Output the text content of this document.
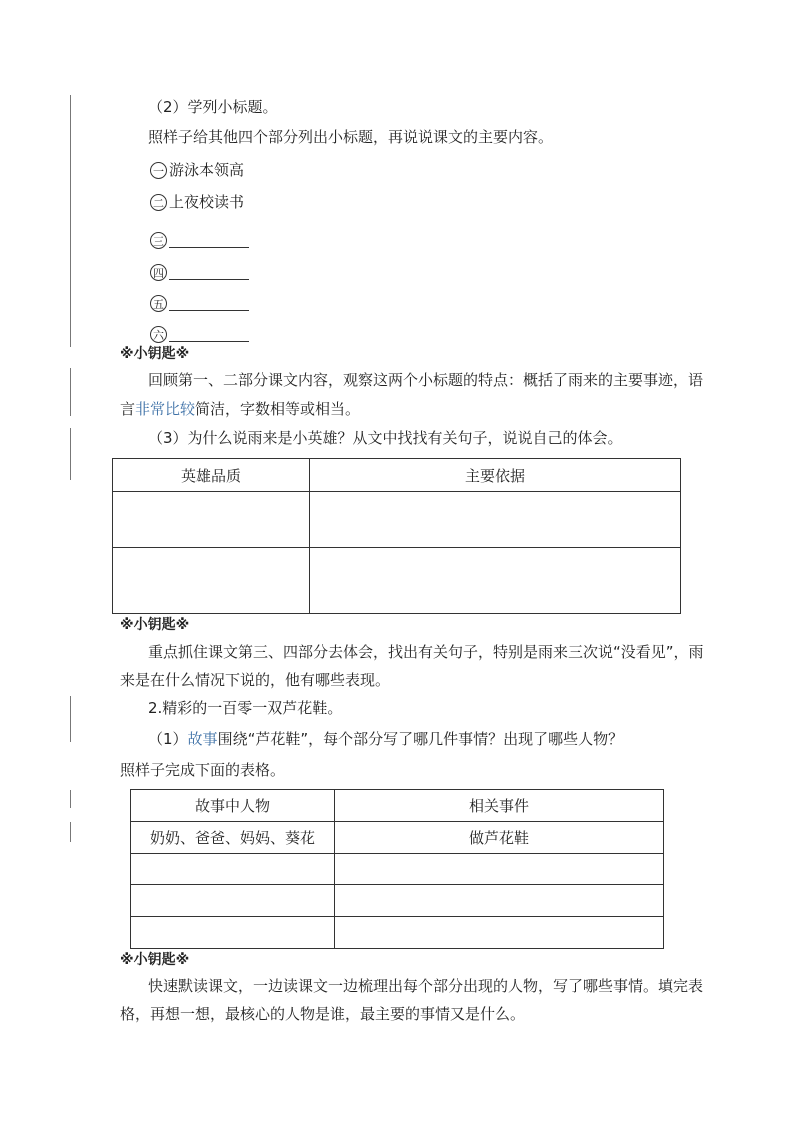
（2）学列小标题。
照样子给其他四个部分列出小标题，再说说课文的主要内容。
一 游泳本领高
二 上夜校读书
三
四
五
六
※小钥匙※
回顾第一、二部分课文内容，观察这两个小标题的特点：概括了雨来的主要事迹，语
言非常比较简洁，字数相等或相当。
（3）为什么说雨来是小英雄？从文中找找有关句子，说说自己的体会。
英雄品质	主要依据

※小钥匙※
重点抓住课文第三、四部分去体会，找出有关句子，特别是雨来三次说“没看见”，雨
来是在什么情况下说的，他有哪些表现。
2.精彩的一百零一双芦花鞋。
（1）故事围绕“芦花鞋”，每个部分写了哪几件事情？出现了哪些人物？
照样子完成下面的表格。
故事中人物	相关事件
奶奶、爸爸、妈妈、葵花	做芦花鞋

※小钥匙※
快速默读课文，一边读课文一边梳理出每个部分出现的人物，写了哪些事情。填完表
格，再想一想，最核心的人物是谁，最主要的事情又是什么。
